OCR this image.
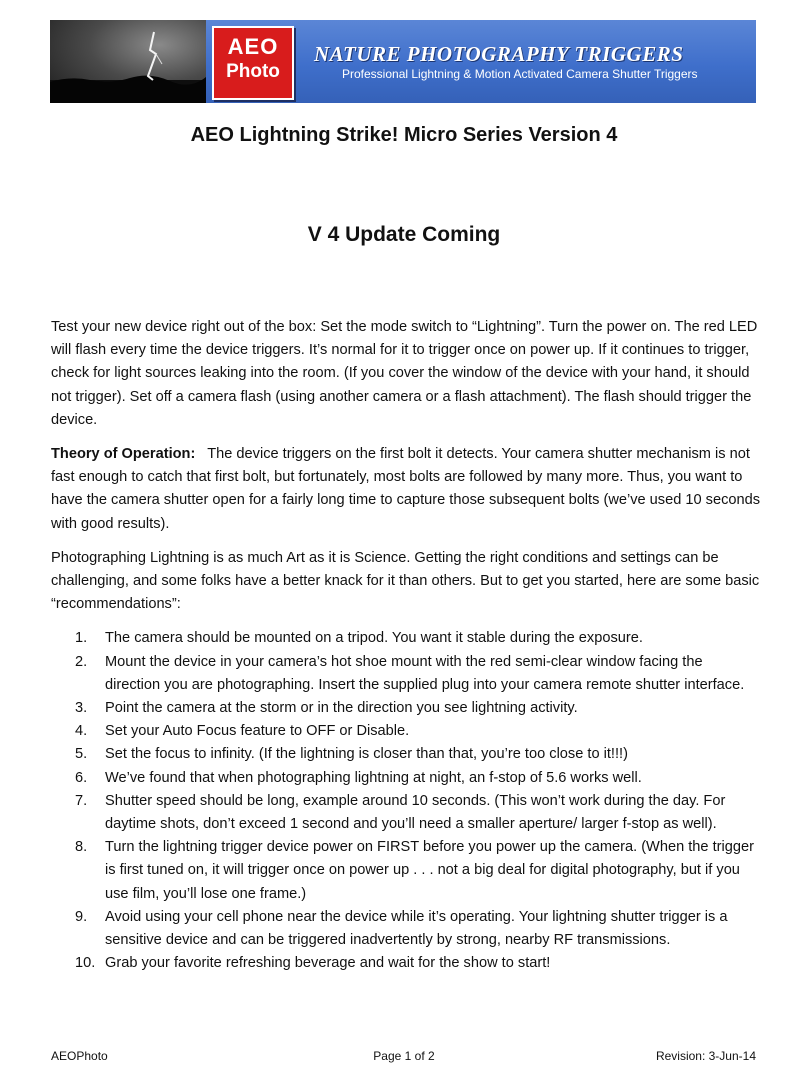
AEO
Photo
NATURE PHOTOGRAPHY TRIGGERS
Professional Lightning & Motion Activated Camera Shutter Triggers
AEO Lightning Strike! Micro Series Version 4
V 4 Update Coming

Test your new device right out of the box: Set the mode switch to “Lightning”. Turn the power on. The red LED will flash every time the device triggers. It’s normal for it to trigger once on power up. If it continues to trigger, check for light sources leaking into the room. (If you cover the window of the device with your hand, it should not trigger). Set off a camera flash (using another camera or a flash attachment). The flash should trigger the device.

Theory of Operation: The device triggers on the first bolt it detects. Your camera shutter mechanism is not fast enough to catch that first bolt, but fortunately, most bolts are followed by many more. Thus, you want to have the camera shutter open for a fairly long time to capture those subsequent bolts (we’ve used 10 seconds with good results).

Photographing Lightning is as much Art as it is Science. Getting the right conditions and settings can be challenging, and some folks have a better knack for it than others. But to get you started, here are some basic “recommendations”:

1. The camera should be mounted on a tripod. You want it stable during the exposure.
2. Mount the device in your camera’s hot shoe mount with the red semi-clear window facing the direction you are photographing. Insert the supplied plug into your camera remote shutter interface.
3. Point the camera at the storm or in the direction you see lightning activity.
4. Set your Auto Focus feature to OFF or Disable.
5. Set the focus to infinity. (If the lightning is closer than that, you’re too close to it!!!)
6. We’ve found that when photographing lightning at night, an f-stop of 5.6 works well.
7. Shutter speed should be long, example around 10 seconds. (This won’t work during the day. For daytime shots, don’t exceed 1 second and you’ll need a smaller aperture/ larger f-stop as well).
8. Turn the lightning trigger device power on FIRST before you power up the camera. (When the trigger is first tuned on, it will trigger once on power up . . . not a big deal for digital photography, but if you use film, you’ll lose one frame.)
9. Avoid using your cell phone near the device while it’s operating. Your lightning shutter trigger is a sensitive device and can be triggered inadvertently by strong, nearby RF transmissions.
10. Grab your favorite refreshing beverage and wait for the show to start!
AEOPhoto	Page 1 of 2	Revision: 3-Jun-14
